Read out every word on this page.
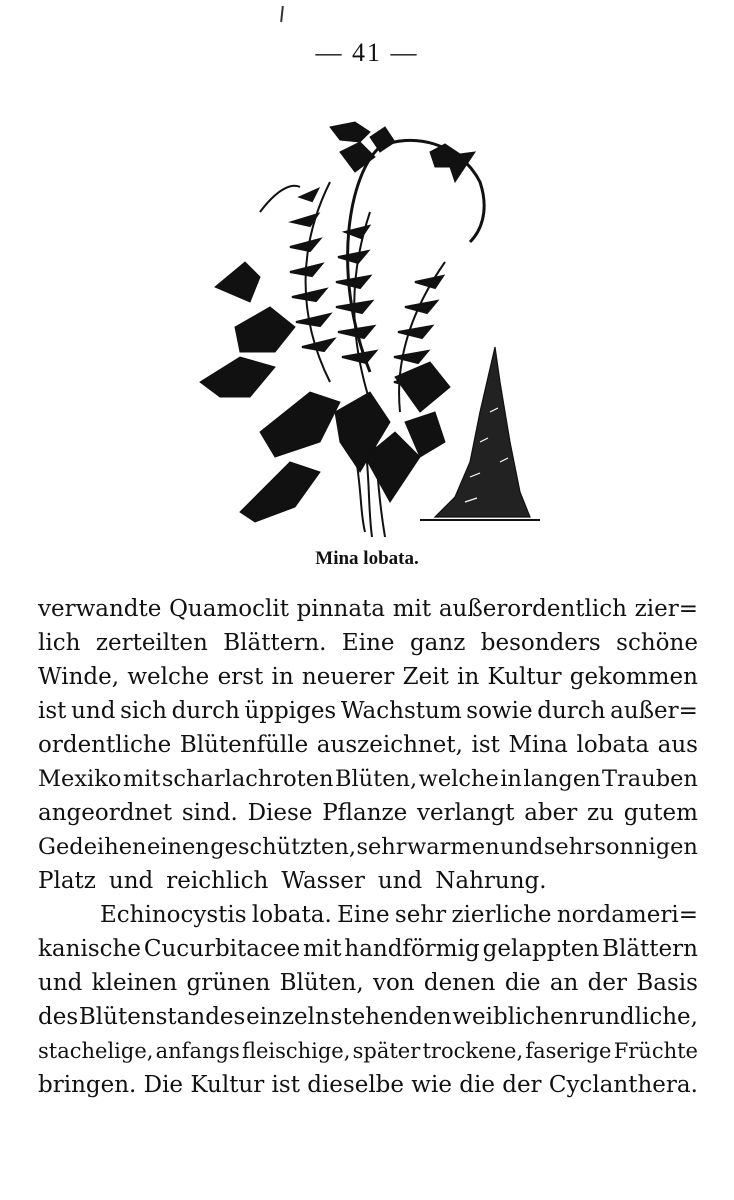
— 41 —
Mina lobata.
verwandte Quamoclit pinnata mit außerordentlich zier=
lich zerteilten Blättern. Eine ganz besonders schöne
Winde, welche erst in neuerer Zeit in Kultur gekommen
ist und sich durch üppiges Wachstum sowie durch außer=
ordentliche Blütenfülle auszeichnet, ist Mina lobata aus
Mexiko mit scharlachroten Blüten, welche in langen Trauben
angeordnet sind. Diese Pflanze verlangt aber zu gutem
Gedeihen einen geschützten, sehr warmen und sehr sonnigen
Platz und reichlich Wasser und Nahrung.
Echinocystis lobata. Eine sehr zierliche nordameri=
kanische Cucurbitacee mit handförmig gelappten Blättern
und kleinen grünen Blüten, von denen die an der Basis
des Blütenstandes einzeln stehenden weiblichen rundliche,
stachelige, anfangs fleischige, später trockene, faserige Früchte
bringen. Die Kultur ist dieselbe wie die der Cyclanthera.
